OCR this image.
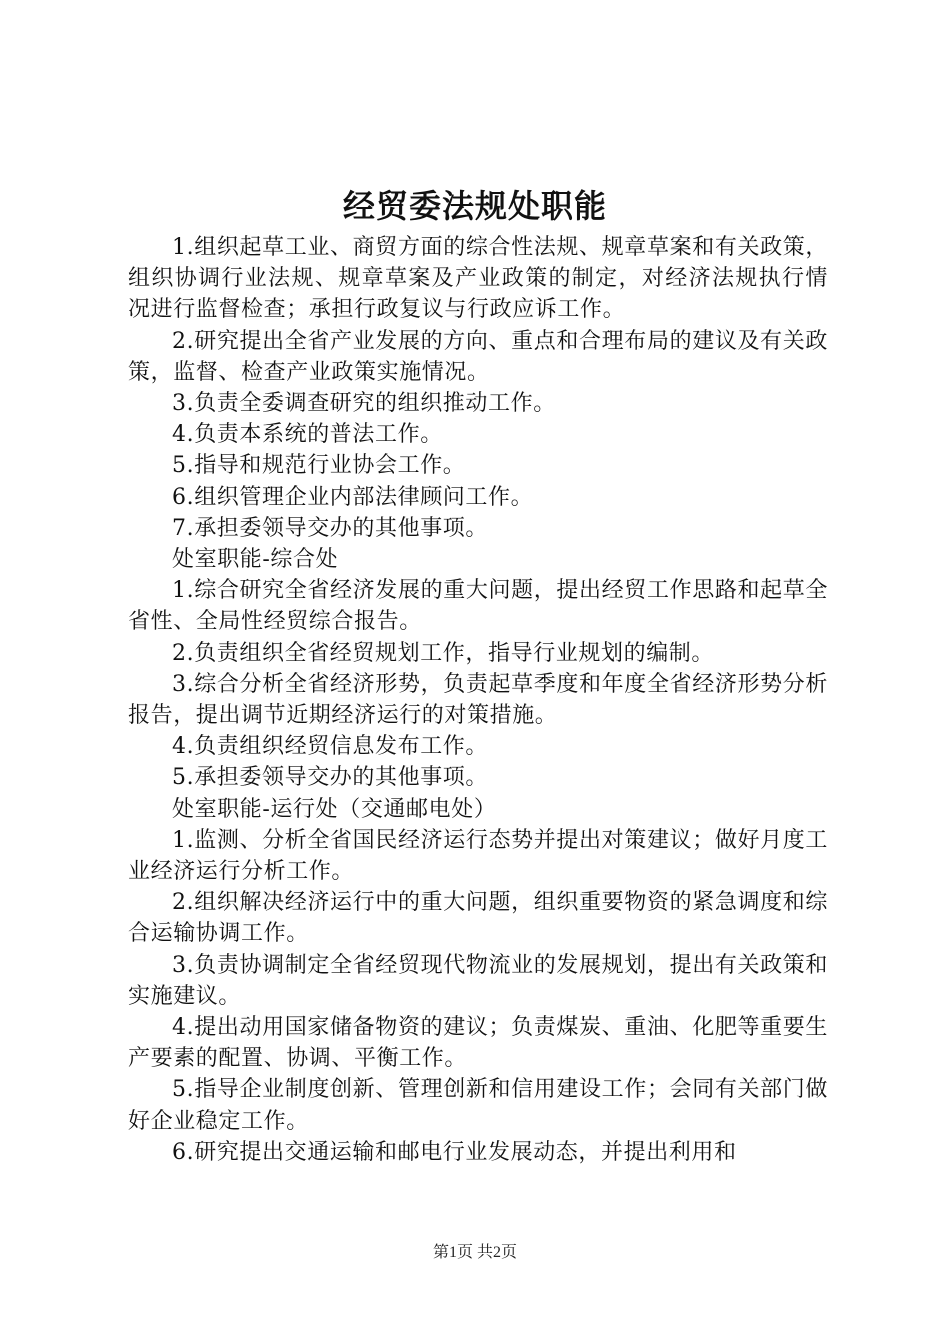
经贸委法规处职能

1.组织起草工业、商贸方面的综合性法规、规章草案和有关政策，组织协调行业法规、规章草案及产业政策的制定，对经济法规执行情况进行监督检查；承担行政复议与行政应诉工作。

2.研究提出全省产业发展的方向、重点和合理布局的建议及有关政策，监督、检查产业政策实施情况。

3.负责全委调查研究的组织推动工作。

4.负责本系统的普法工作。

5.指导和规范行业协会工作。

6.组织管理企业内部法律顾问工作。

7.承担委领导交办的其他事项。

处室职能-综合处

1.综合研究全省经济发展的重大问题，提出经贸工作思路和起草全省性、全局性经贸综合报告。

2.负责组织全省经贸规划工作，指导行业规划的编制。

3.综合分析全省经济形势，负责起草季度和年度全省经济形势分析报告，提出调节近期经济运行的对策措施。

4.负责组织经贸信息发布工作。

5.承担委领导交办的其他事项。

处室职能-运行处（交通邮电处）

1.监测、分析全省国民经济运行态势并提出对策建议；做好月度工业经济运行分析工作。

2.组织解决经济运行中的重大问题，组织重要物资的紧急调度和综合运输协调工作。

3.负责协调制定全省经贸现代物流业的发展规划，提出有关政策和实施建议。

4.提出动用国家储备物资的建议；负责煤炭、重油、化肥等重要生产要素的配置、协调、平衡工作。

5.指导企业制度创新、管理创新和信用建设工作；会同有关部门做好企业稳定工作。

6.研究提出交通运输和邮电行业发展动态，并提出利用和

第1页 共2页
